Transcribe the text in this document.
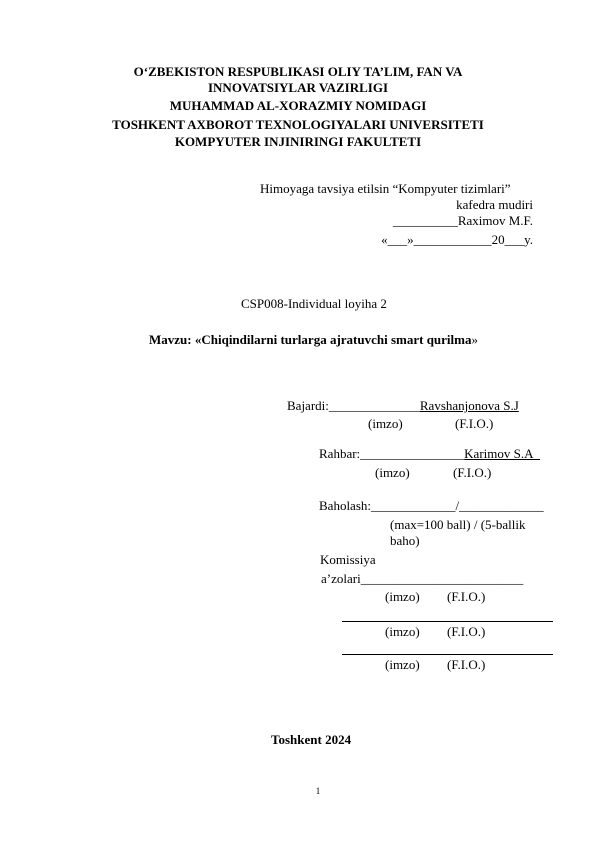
O‘ZBEKISTON RESPUBLIKASI OLIY TA’LIM, FAN VA
INNOVATSIYLAR VAZIRLIGI
MUHAMMAD AL-XORAZMIY NOMIDAGI
TOSHKENT AXBOROT TEXNOLOGIYALARI UNIVERSITETI
KOMPYUTER INJINIRINGI FAKULTETI
Himoyaga tavsiya etilsin “Kompyuter tizimlari”
kafedra mudiri
__________Raximov M.F.
«___»____________20___y.
CSP008-Individual loyiha 2
Mavzu: «Chiqindilarni turlarga ajratuvchi smart qurilma»
Bajardi:______________Ravshanjonova S.J
(imzo)	(F.I.O.)
Rahbar:________________Karimov S.A_
(imzo)	(F.I.O.)
Baholash:_____________/_____________
(max=100 ball) / (5-ballik
baho)
Komissiya
a’zolari_________________________
(imzo) (F.I.O.)
(imzo) (F.I.O.)
(imzo) (F.I.O.)
Toshkent 2024
1
